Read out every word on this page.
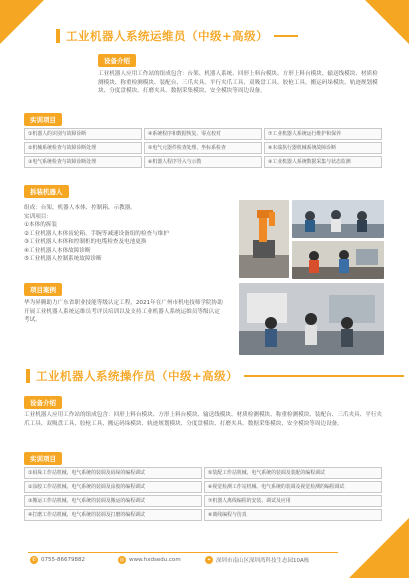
工业机器人系统运维员（中级+高级）
设备介绍
工业机器人应用工作站的组成包含：台架、机器人系统、回形上料台模块、方形上料台模块、输送线模块、材质检测模块、称重检测模块、装配台、三爪夹具、平行夹爪工具、双吸盘工具、胶枪工具、搬运码垛模块、轨迹规划模块、分度盘模块、打磨夹具、数据采集模块、安全模块等周边设备。
实训项目
①机器人的识别与故障诊断	④系统程序和数据恢复、零点校对	⑦工业机器人系统运行维护和保养
②机械系统检查与故障诊断处理	⑤电气元器件检查处理、坐标系检查	⑧末端执行器机械系统故障诊断
③电气系统检查与故障诊断处理	⑥机器人程序导入与示教	⑨工业机器人系统数据采集与状态监测
拆装机器人
组成：台架、机器人本体、控制箱、示教器。
实训项目：
①本体的拆装
②工业机器人本体齿轮箱、手腕等减速设备组的检查与维护
③工业机器人本体和控制柜的电缆检查及电池更换
④工业机器人本体故障诊断
⑤工业机器人控制系统故障诊断
项目案例
华为昇腾助力广东省职业技能等级认定工程，2021年在广州市机电技师学院协助开展工业机器人系统运维员考评员培训以及支持工业机器人系统运维员等级认定考试。
工业机器人系统操作员（中级+高级）
设备介绍
工业机器人应用工作站的组成包含：回形上料台模块、方形上料台模块、输送线模块、材质检测模块、称重检测模块、装配台、三爪夹具、平行夹爪工具、双吸盘工具、胶枪工具、搬运码垛模块、轨迹规划模块、分度盘模块、打磨夹具、数据采集模块、安全模块等周边设备。
实训项目
①码垛工作站机械、电气系统的装调及码垛的编程调试	⑤装配工作站机械、电气系统的装调及装配的编程调试
②涂胶工作站机械、电气系统的装调及涂胶的编程调试	⑥视觉检测工作站机械、电气系统的装调及视觉检测的编程调试
③搬运工作站机械、电气系统的装调及搬运的编程调试	⑦机器人离线编程的安装、调试及应用
④打磨工作站机械、电气系统的装调及打磨的编程调试	⑧离线编程与仿真
✆ 0755-86679882	◎ www.hxdsedu.com	⌖	深圳市南山区深圳湾科技生态园10A栋
